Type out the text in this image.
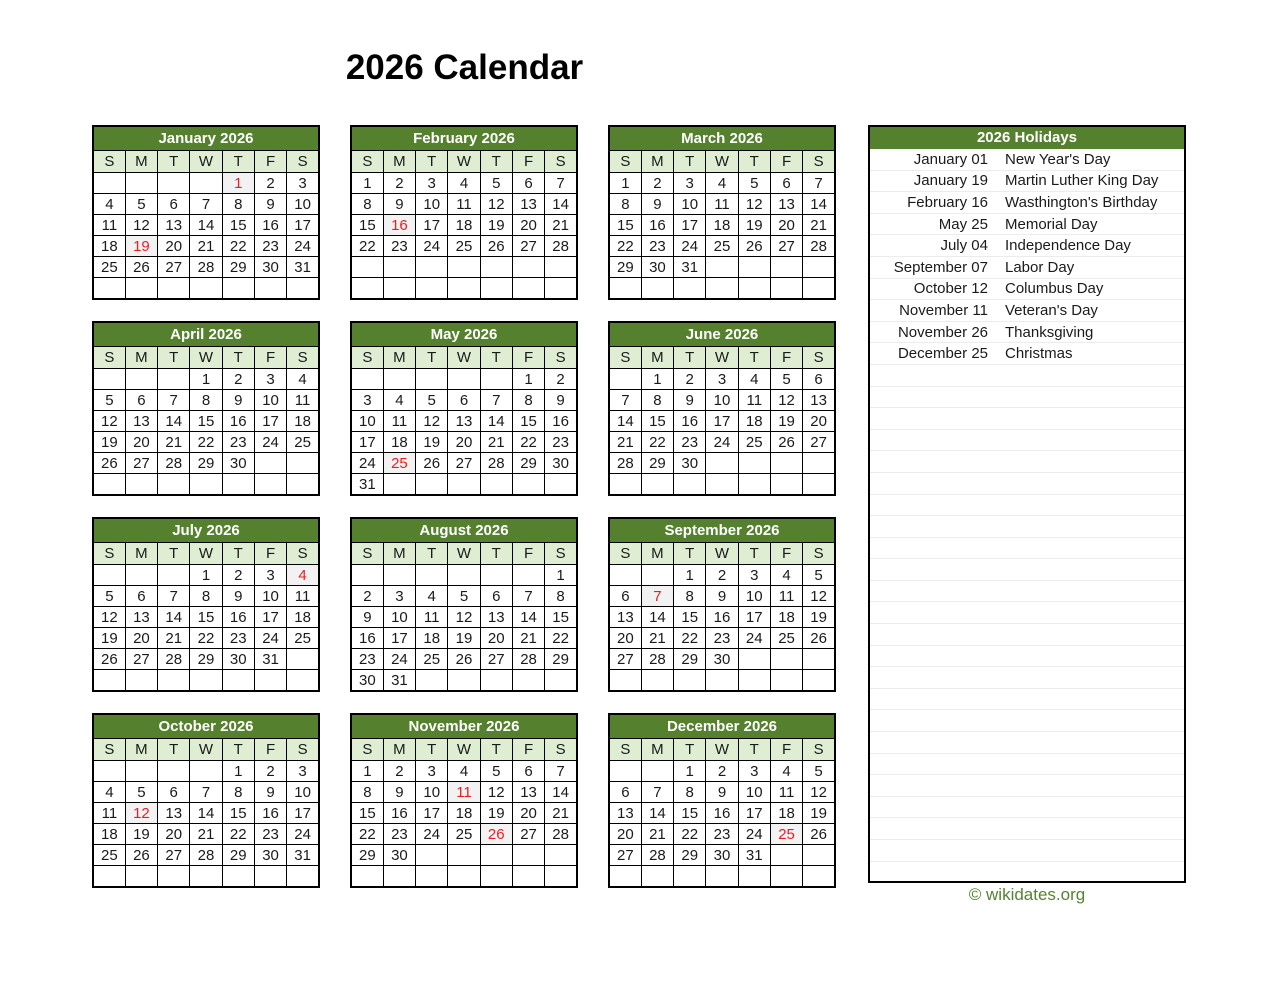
2026 Calendar
January 2026						
S	M	T	W	T	F	S
				1	2	3
4	5	6	7	8	9	10
11	12	13	14	15	16	17
18	19	20	21	22	23	24
25	26	27	28	29	30	31

February 2026						
S	M	T	W	T	F	S
1	2	3	4	5	6	7
8	9	10	11	12	13	14
15	16	17	18	19	20	21
22	23	24	25	26	27	28

March 2026						
S	M	T	W	T	F	S
1	2	3	4	5	6	7
8	9	10	11	12	13	14
15	16	17	18	19	20	21
22	23	24	25	26	27	28
29	30	31				

April 2026						
S	M	T	W	T	F	S
			1	2	3	4
5	6	7	8	9	10	11
12	13	14	15	16	17	18
19	20	21	22	23	24	25
26	27	28	29	30		

May 2026						
S	M	T	W	T	F	S
					1	2
3	4	5	6	7	8	9
10	11	12	13	14	15	16
17	18	19	20	21	22	23
24	25	26	27	28	29	30
31						
June 2026						
S	M	T	W	T	F	S
	1	2	3	4	5	6
7	8	9	10	11	12	13
14	15	16	17	18	19	20
21	22	23	24	25	26	27
28	29	30				

July 2026						
S	M	T	W	T	F	S
			1	2	3	4
5	6	7	8	9	10	11
12	13	14	15	16	17	18
19	20	21	22	23	24	25
26	27	28	29	30	31	

August 2026						
S	M	T	W	T	F	S
						1
2	3	4	5	6	7	8
9	10	11	12	13	14	15
16	17	18	19	20	21	22
23	24	25	26	27	28	29
30	31					
September 2026						
S	M	T	W	T	F	S
		1	2	3	4	5
6	7	8	9	10	11	12
13	14	15	16	17	18	19
20	21	22	23	24	25	26
27	28	29	30			

October 2026						
S	M	T	W	T	F	S
				1	2	3
4	5	6	7	8	9	10
11	12	13	14	15	16	17
18	19	20	21	22	23	24
25	26	27	28	29	30	31

November 2026						
S	M	T	W	T	F	S
1	2	3	4	5	6	7
8	9	10	11	12	13	14
15	16	17	18	19	20	21
22	23	24	25	26	27	28
29	30					

December 2026						
S	M	T	W	T	F	S
		1	2	3	4	5
6	7	8	9	10	11	12
13	14	15	16	17	18	19
20	21	22	23	24	25	26
27	28	29	30	31		

2026 Holidays
January 01 New Year's Day
January 19 Martin Luther King Day
February 16 Wasthington's Birthday
May 25 Memorial Day
July 04 Independence Day
September 07 Labor Day
October 12 Columbus Day
November 11 Veteran's Day
November 26 Thanksgiving
December 25 Christmas
© wikidates.org
